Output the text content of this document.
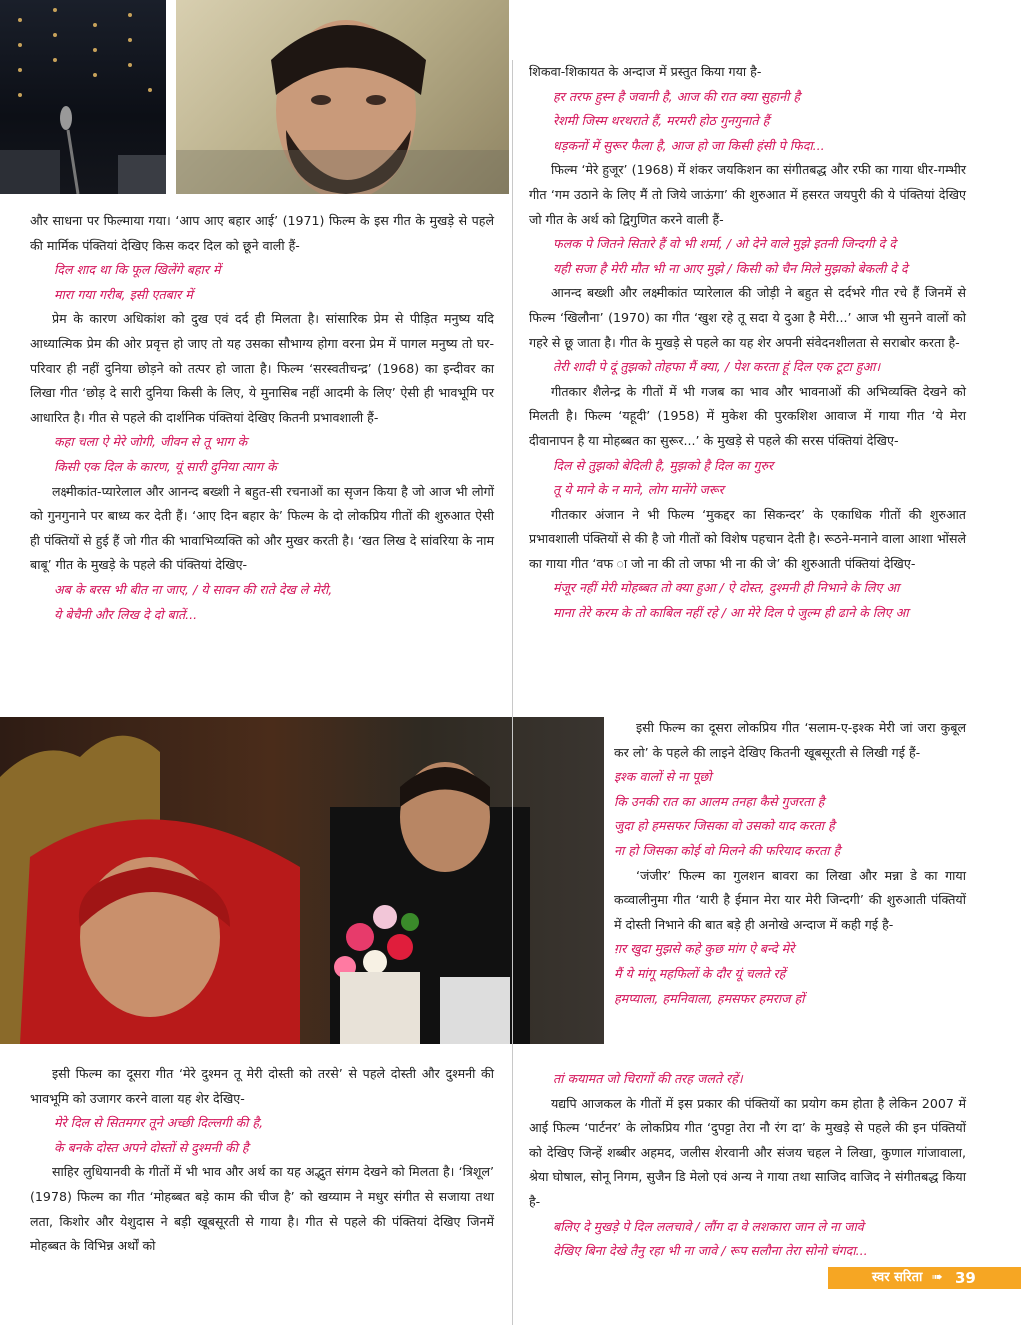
और साधना पर फिल्माया गया। ‘आप आए बहार आई’ (1971) फिल्म के इस गीत के मुखड़े से पहले की मार्मिक पंक्तियां देखिए किस कदर दिल को छूने वाली हैं-

दिल शाद था कि फूल खिलेंगे बहार में
मारा गया गरीब, इसी एतबार में

प्रेम के कारण अधिकांश को दुख एवं दर्द ही मिलता है। सांसारिक प्रेम से पीड़ित मनुष्य यदि आध्यात्मिक प्रेम की ओर प्रवृत्त हो जाए तो यह उसका सौभाग्य होगा वरना प्रेम में पागल मनुष्य तो घर-परिवार ही नहीं दुनिया छोड़ने को तत्पर हो जाता है। फिल्म ‘सरस्वतीचन्द्र’ (1968) का इन्दीवर का लिखा गीत ‘छोड़ दे सारी दुनिया किसी के लिए, ये मुनासिब नहीं आदमी के लिए’ ऐसी ही भावभूमि पर आधारित है। गीत से पहले की दार्शनिक पंक्तियां देखिए कितनी प्रभावशाली हैं-

कहा चला ऐ मेरे जोगी, जीवन से तू भाग के
किसी एक दिल के कारण, यूं सारी दुनिया त्याग के

लक्ष्मीकांत-प्यारेलाल और आनन्द बख्शी ने बहुत-सी रचनाओं का सृजन किया है जो आज भी लोगों को गुनगुनाने पर बाध्य कर देती हैं। ‘आए दिन बहार के’ फिल्म के दो लोकप्रिय गीतों की शुरुआत ऐसी ही पंक्तियों से हुई हैं जो गीत की भावाभिव्यक्ति को और मुखर करती है। ‘खत लिख दे सांवरिया के नाम बाबू’ गीत के मुखड़े के पहले की पंक्तियां देखिए-

अब के बरस भी बीत ना जाए, / ये सावन की राते देख ले मेरी,
ये बेचैनी और लिख दे दो बातें...

इसी फिल्म का दूसरा गीत ‘मेरे दुश्मन तू मेरी दोस्ती को तरसे’ से पहले दोस्ती और दुश्मनी की भावभूमि को उजागर करने वाला यह शेर देखिए-

मेरे दिल से सितमगर तूने अच्छी दिल्लगी की है,
के बनके दोस्त अपने दोस्तों से दुश्मनी की है

साहिर लुधियानवी के गीतों में भी भाव और अर्थ का यह अद्भुत संगम देखने को मिलता है। ‘त्रिशूल’ (1978) फिल्म का गीत ‘मोहब्बत बड़े काम की चीज है’ को खय्याम ने मधुर संगीत से सजाया तथा लता, किशोर और येशुदास ने बड़ी खूबसूरती से गाया है। गीत से पहले की पंक्तियां देखिए जिनमें मोहब्बत के विभिन्न अर्थों को

शिकवा-शिकायत के अन्दाज में प्रस्तुत किया गया है-

हर तरफ हुस्न है जवानी है, आज की रात क्या सुहानी है
रेशमी जिस्म थरथराते हैं, मरमरी होठ गुनगुनाते हैं
धड़कनों में सुरूर फैला है, आज हो जा किसी हंसी पे फिदा...

फिल्म ‘मेरे हुजूर’ (1968) में शंकर जयकिशन का संगीतबद्ध और रफी का गाया धीर-गम्भीर गीत ‘गम उठाने के लिए मैं तो जिये जाऊंगा’ की शुरुआत में हसरत जयपुरी की ये पंक्तियां देखिए जो गीत के अर्थ को द्विगुणित करने वाली हैं-

फलक पे जितने सितारे हैं वो भी शर्मा, / ओ देने वाले मुझे इतनी जिन्दगी दे दे
यही सजा है मेरी मौत भी ना आए मुझे / किसी को चैन मिले मुझको बेकली दे दे

आनन्द बख्शी और लक्ष्मीकांत प्यारेलाल की जोड़ी ने बहुत से दर्दभरे गीत रचे हैं जिनमें से फिल्म ‘खिलौना’ (1970) का गीत ‘खुश रहे तू सदा ये दुआ है मेरी...’ आज भी सुनने वालों को गहरे से छू जाता है। गीत के मुखड़े से पहले का यह शेर अपनी संवेदनशीलता से सराबोर करता है-

तेरी शादी पे दूं तुझको तोहफा मैं क्या, / पेश करता हूं दिल एक टूटा हुआ।

गीतकार शैलेन्द्र के गीतों में भी गजब का भाव और भावनाओं की अभिव्यक्ति देखने को मिलती है। फिल्म ‘यहूदी’ (1958) में मुकेश की पुरकशिश आवाज में गाया गीत ‘ये मेरा दीवानापन है या मोहब्बत का सुरूर...’ के मुखड़े से पहले की सरस पंक्तियां देखिए-

दिल से तुझको बेदिली है, मुझको है दिल का गुरुर
तू ये माने के न माने, लोग मानेंगे जरूर

गीतकार अंजान ने भी फिल्म ‘मुकद्दर का सिकन्दर’ के एकाधिक गीतों की शुरुआत प्रभावशाली पंक्तियों से की है जो गीतों को विशेष पहचान देती है। रूठने-मनाने वाला आशा भोंसले का गाया गीत ‘वफ ा जो ना की तो जफा भी ना की जे’ की शुरुआती पंक्तियां देखिए-

मंजूर नहीं मेरी मोहब्बत तो क्या हुआ / ऐ दोस्त, दुश्मनी ही निभाने के लिए आ
माना तेरे करम के तो काबिल नहीं रहे / आ मेरे दिल पे जुल्म ही ढाने के लिए आ

इसी फिल्म का दूसरा लोकप्रिय गीत ‘सलाम-ए-इश्क मेरी जां जरा कुबूल कर लो’ के पहले की लाइने देखिए कितनी खूबसूरती से लिखी गई हैं-

इश्क वालों से ना पूछो
कि उनकी रात का आलम तनहा कैसे गुजरता है
जुदा हो हमसफर जिसका वो उसको याद करता है
ना हो जिसका कोई वो मिलने की फरियाद करता है

‘जंजीर’ फिल्म का गुलशन बावरा का लिखा और मन्ना डे का गाया कव्वालीनुमा गीत ‘यारी है ईमान मेरा यार मेरी जिन्दगी’ की शुरुआती पंक्तियों में दोस्ती निभाने की बात बड़े ही अनोखे अन्दाज में कही गई है-

ग़र खुदा मुझसे कहे कुछ मांग ऐ बन्दे मेरे
मैं ये मांगू महफिलों के दौर यूं चलते रहें
हमप्याला, हमनिवाला, हमसफर हमराज हों
तां कयामत जो चिरागों की तरह जलते रहें।

यद्यपि आजकल के गीतों में इस प्रकार की पंक्तियों का प्रयोग कम होता है लेकिन 2007 में आई फिल्म ‘पार्टनर’ के लोकप्रिय गीत ‘दुपट्टा तेरा नौ रंग दा’ के मुखड़े से पहले की इन पंक्तियों को देखिए जिन्हें शब्बीर अहमद, जलीस शेरवानी और संजय चहल ने लिखा, कुणाल गांजावाला, श्रेया घोषाल, सोनू निगम, सुजैन डि मेलो एवं अन्य ने गाया तथा साजिद वाजिद ने संगीतबद्ध किया है-

बलिए दे मुखड़े पे दिल ललचावे / लौंग दा वे लशकारा जान ले ना जावे
देखिए बिना देखे तैनु रहा भी ना जावे / रूप सलौना तेरा सोनो चंगदा...
स्वर सरिता ➠ 39
